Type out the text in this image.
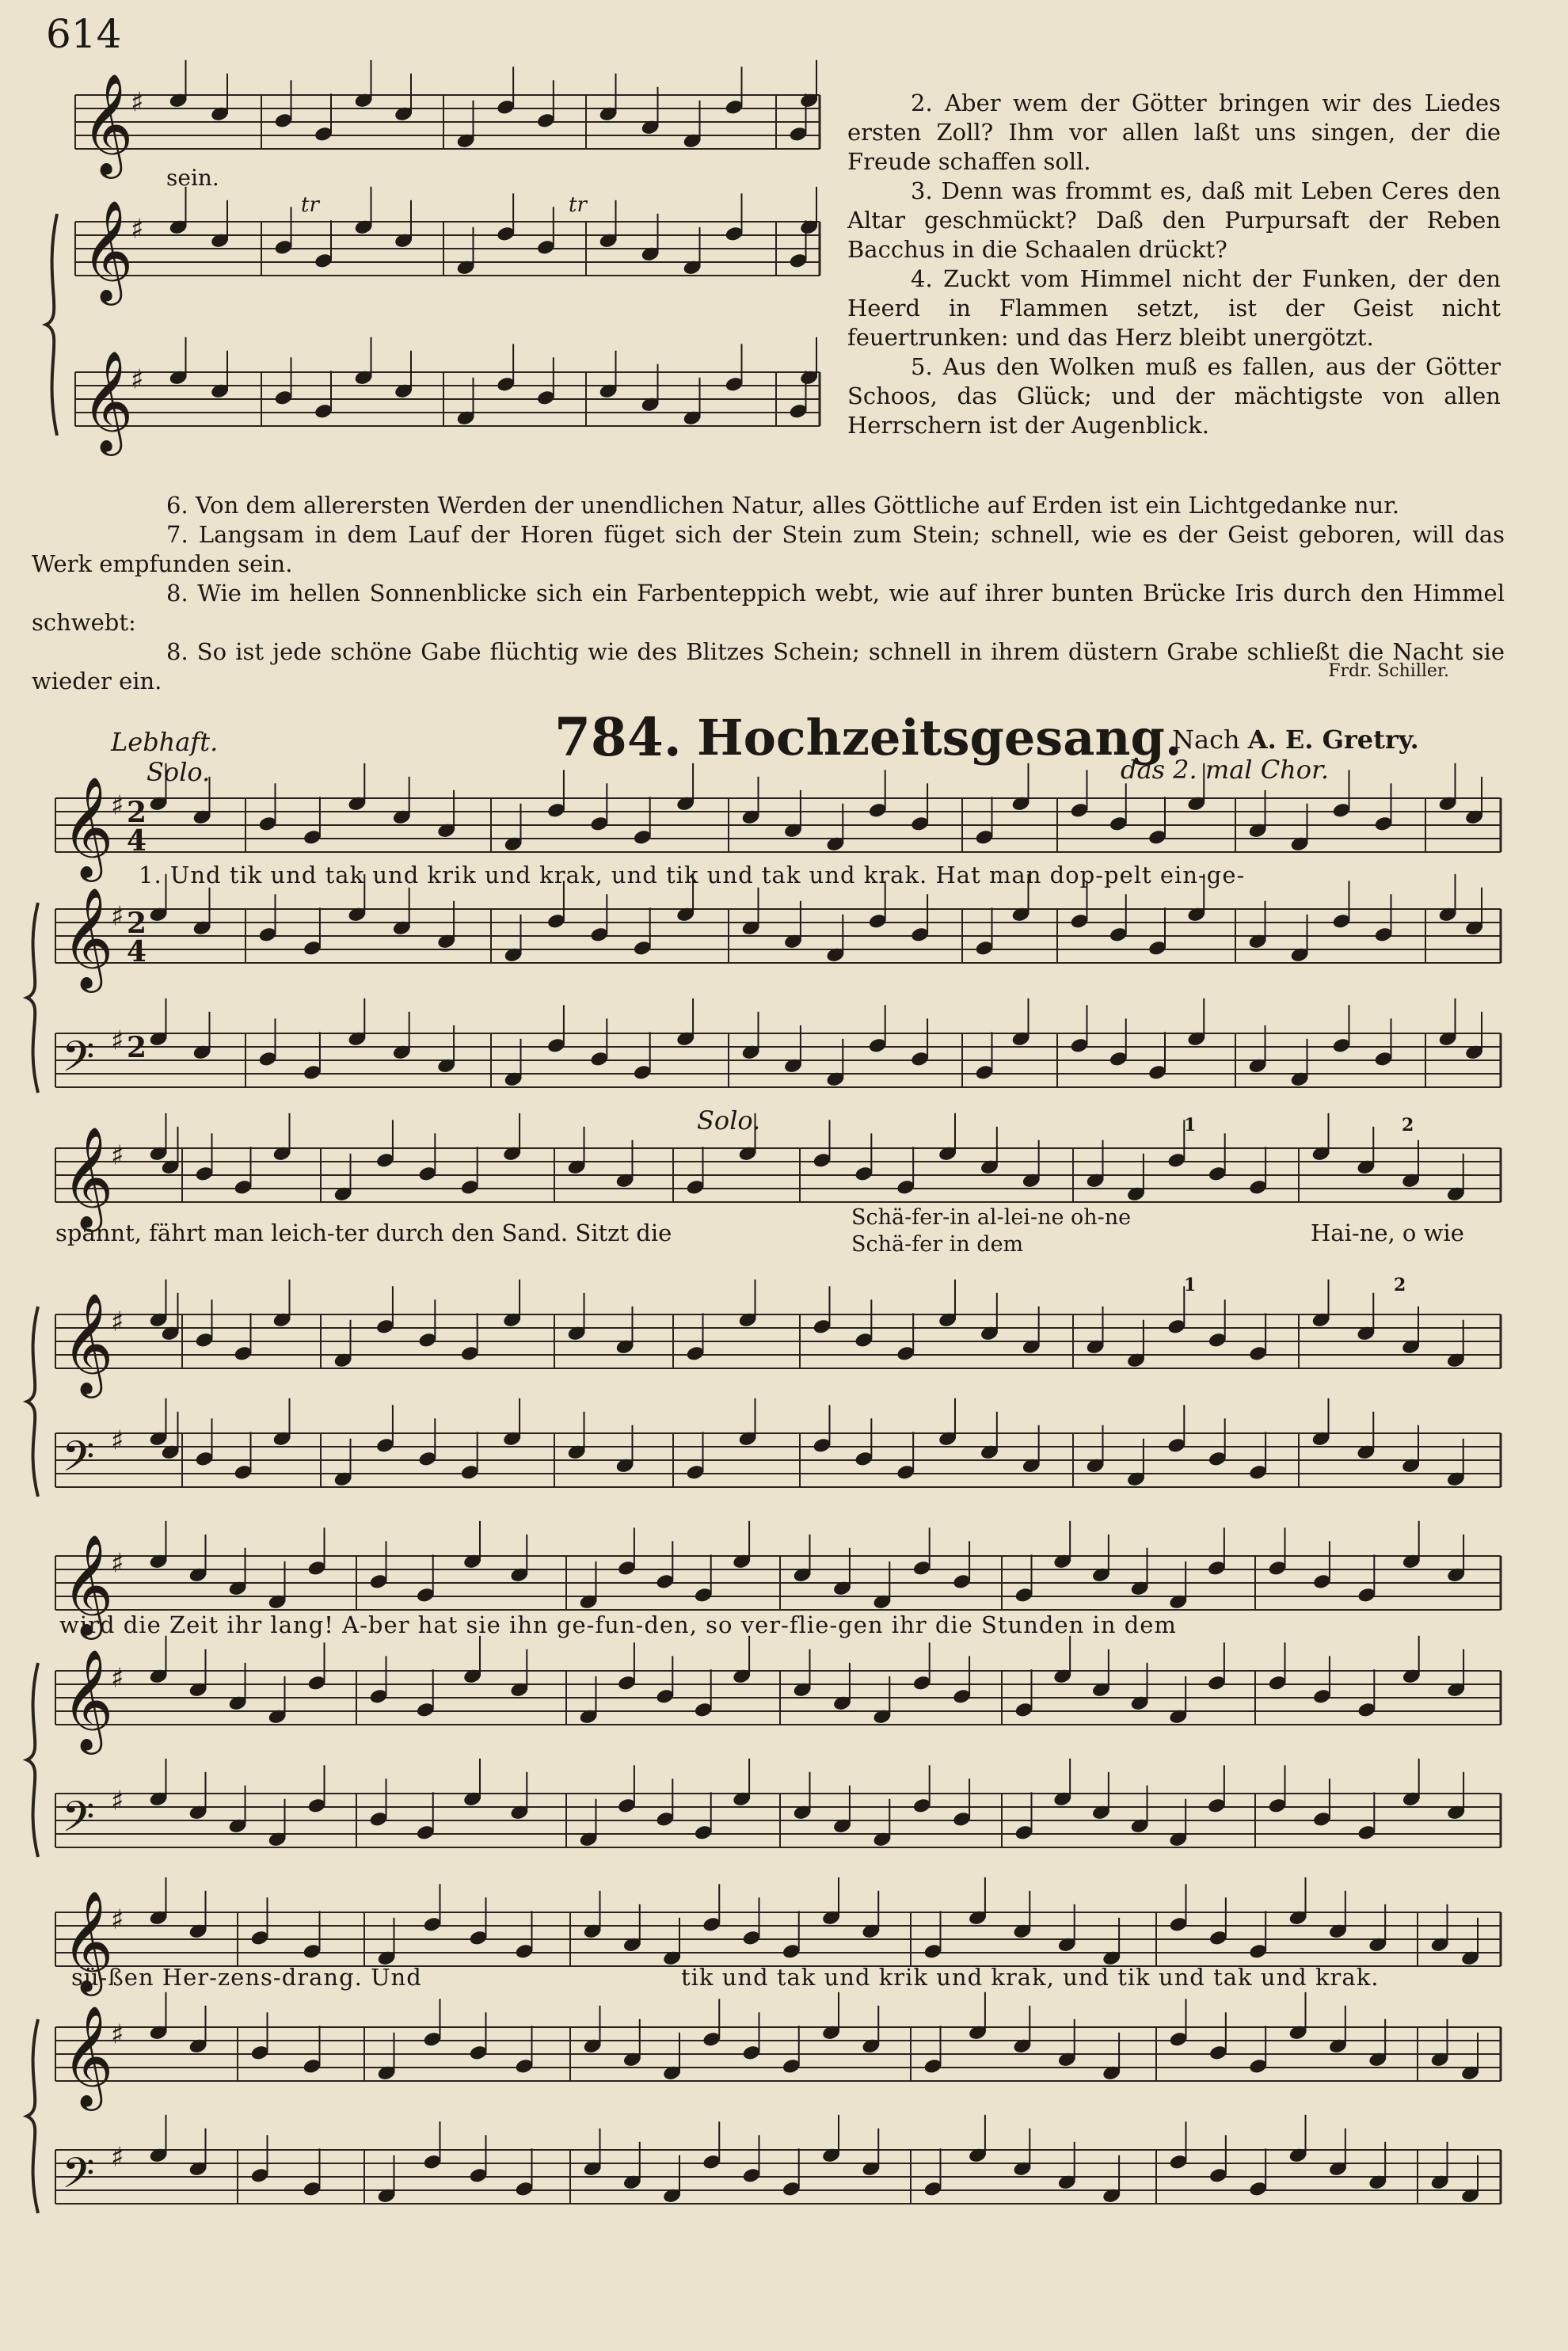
614
𝄞
♯
𝄞
♯
𝄞
♯
𝄞
♯
𝄞
♯
𝄢 ♯
𝄞
♯
𝄞
♯
𝄢 ♯
𝄞
♯
𝄞
♯
𝄢 ♯
𝄞
♯
𝄞
♯
𝄢 ♯
2
4
2
4
2
sein.
tr	tr

2. Aber wem der Götter bringen wir des Liedes ersten Zoll? Ihm vor allen laßt uns singen, der die Freude schaffen soll.

3. Denn was frommt es, daß mit Leben Ceres den Altar geschmückt? Daß den Purpursaft der Reben Bacchus in die Schaalen drückt?

4. Zuckt vom Himmel nicht der Funken, der den Heerd in Flammen setzt, ist der Geist nicht feuertrunken: und das Herz bleibt unergötzt.

5. Aus den Wolken muß es fallen, aus der Götter Schoos, das Glück; und der mächtigste von allen Herrschern ist der Augenblick.

6. Von dem allerersten Werden der unendlichen Natur, alles Göttliche auf Erden ist ein Lichtgedanke nur.

7. Langsam in dem Lauf der Horen füget sich der Stein zum Stein; schnell, wie es der Geist geboren, will das Werk empfunden sein.

8. Wie im hellen Sonnenblicke sich ein Farbenteppich webt, wie auf ihrer bunten Brücke Iris durch den Himmel schwebt:

8. So ist jede schöne Gabe flüchtig wie des Blitzes Schein; schnell in ihrem düstern Grabe schließt die Nacht sie wieder ein.	Frdr. Schiller.
784. Hochzeitsgesang.
Lebhaft.
Solo.
Nach A. E. Gretry.
das 2. mal Chor.
Solo.
1. Und tik und tak und krik und krak, und tik und tak und krak. Hat man dop-pelt ein-ge-
spannt, fährt man leich-ter durch den Sand. Sitzt die
Schä-fer-in al-lei-ne oh-ne
Schä-fer in dem	Hai-ne, o wie
wird die Zeit ihr lang! A-ber hat sie ihn ge-fun-den, so ver-flie-gen ihr die Stunden in dem
sü-ßen Her-zens-drang. Und	tik und tak und krik und krak, und tik und tak und krak.
1	2
1	2
